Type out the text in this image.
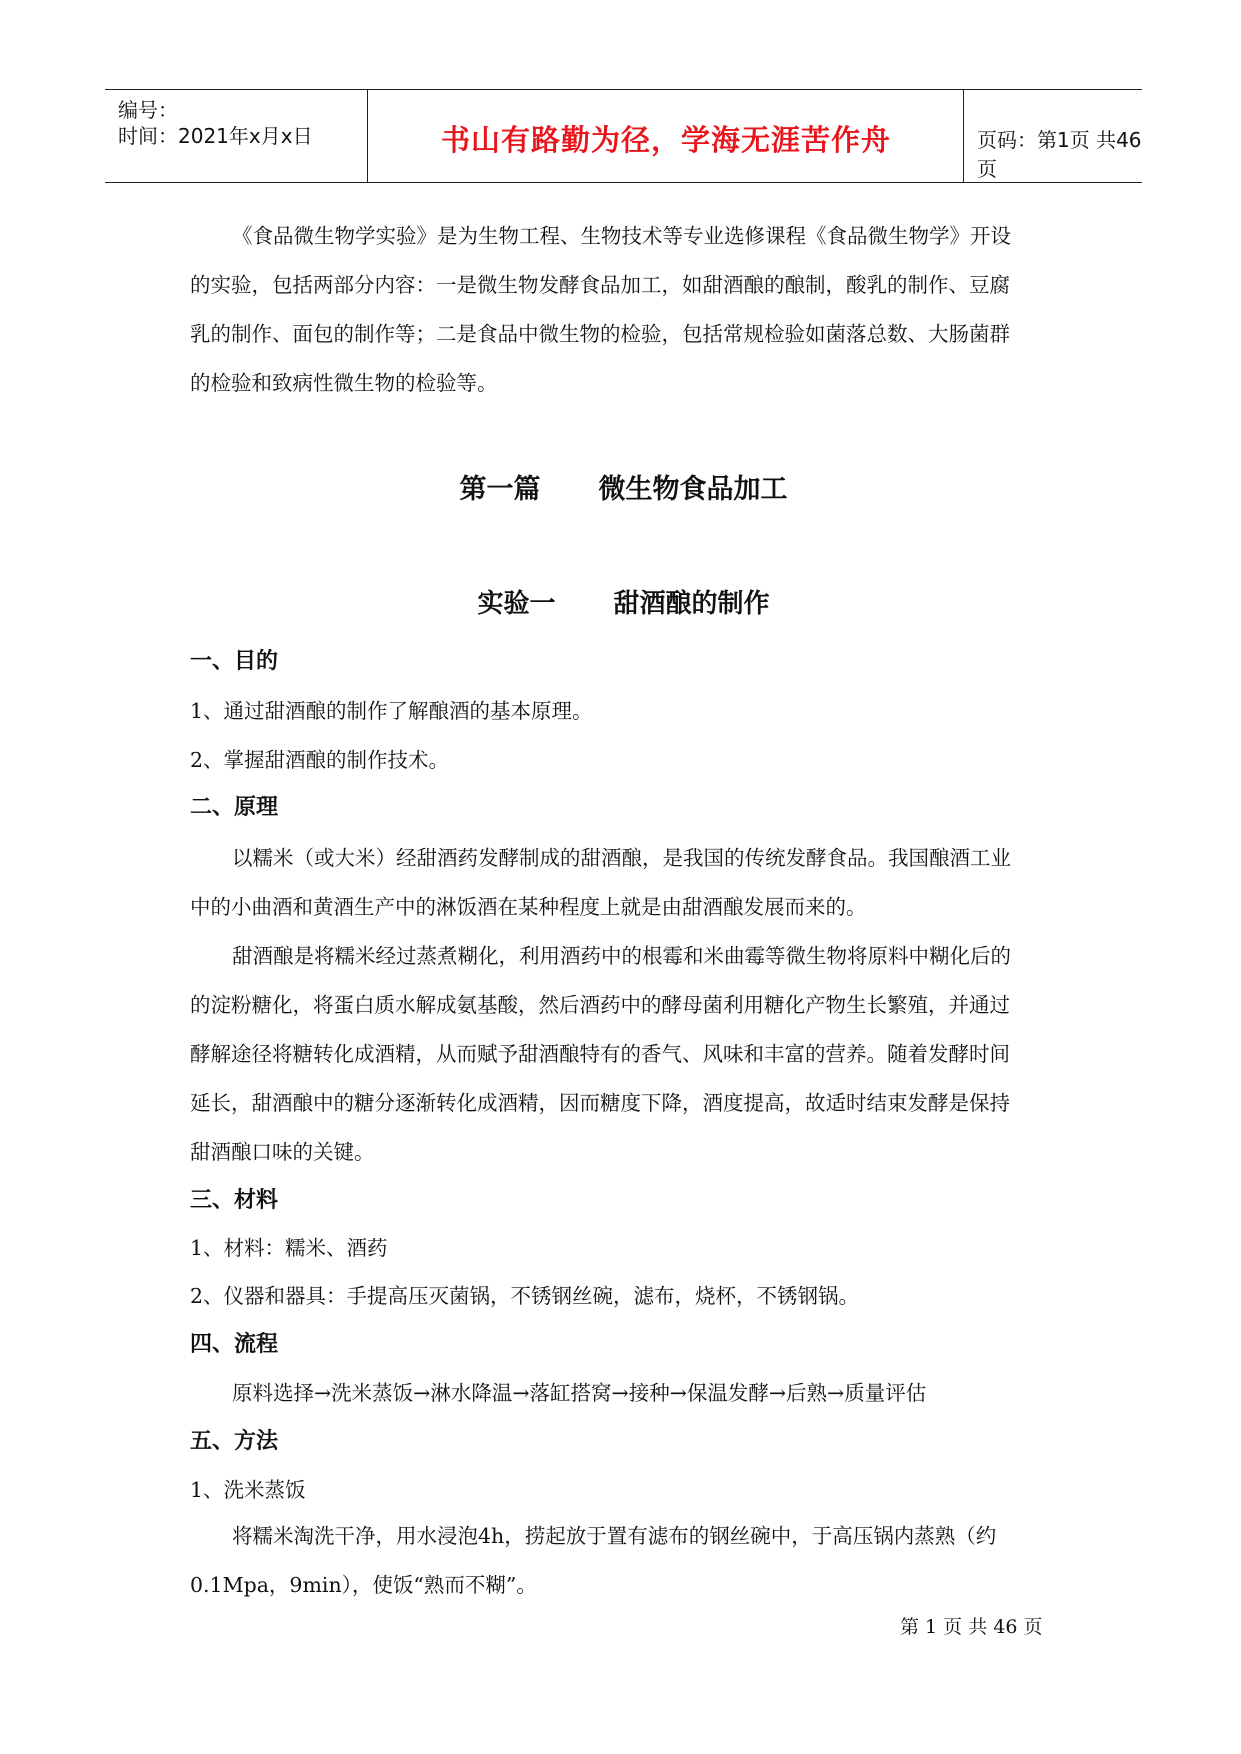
编号：
时间：2021年x月x日	书山有路勤为径，学海无涯苦作舟	页码：第1页 共46页

《食品微生物学实验》是为生物工程、生物技术等专业选修课程《食品微生物学》开设
的实验，包括两部分内容：一是微生物发酵食品加工，如甜酒酿的酿制，酸乳的制作、豆腐
乳的制作、面包的制作等；二是食品中微生物的检验，包括常规检验如菌落总数、大肠菌群
的检验和致病性微生物的检验等。

第一篇 微生物食品加工
实验一 甜酒酿的制作
一、目的
1、通过甜酒酿的制作了解酿酒的基本原理。
2、掌握甜酒酿的制作技术。
二、原理

以糯米（或大米）经甜酒药发酵制成的甜酒酿，是我国的传统发酵食品。我国酿酒工业
中的小曲酒和黄酒生产中的淋饭酒在某种程度上就是由甜酒酿发展而来的。

甜酒酿是将糯米经过蒸煮糊化，利用酒药中的根霉和米曲霉等微生物将原料中糊化后的
的淀粉糖化，将蛋白质水解成氨基酸，然后酒药中的酵母菌利用糖化产物生长繁殖，并通过
酵解途径将糖转化成酒精，从而赋予甜酒酿特有的香气、风味和丰富的营养。随着发酵时间
延长，甜酒酿中的糖分逐渐转化成酒精，因而糖度下降，酒度提高，故适时结束发酵是保持
甜酒酿口味的关键。

三、材料
1、材料：糯米、酒药
2、仪器和器具：手提高压灭菌锅，不锈钢丝碗，滤布，烧杯，不锈钢锅。
四、流程
原料选择→洗米蒸饭→淋水降温→落缸搭窝→接种→保温发酵→后熟→质量评估
五、方法
1、洗米蒸饭

将糯米淘洗干净，用水浸泡4h，捞起放于置有滤布的钢丝碗中，于高压锅内蒸熟（约
0.1Mpa，9min），使饭“熟而不糊”。

第 1 页 共 46 页
